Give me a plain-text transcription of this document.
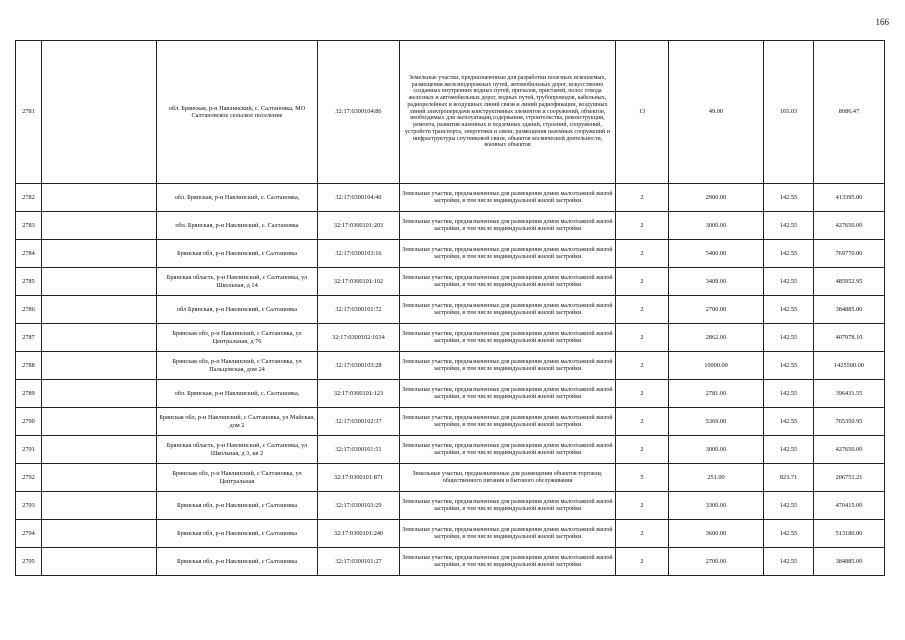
166
2781		обл. Брянская, р-н Навлинский, с. Салтановка, МО Салтановское сельское поселение	32:17:0300104:86	Земельные участки, предназначенные для разработки полезных ископаемых, размещения железнодорожных путей, автомобильных дорог, искусственно созданных внутренних водных путей, причалов, пристаней, полос отвода железных и автомобильных дорог, водных путей, трубопроводов, кабельных, радиорелейных и воздушных линий связи и линий радиофикации, воздушных линий электропередачи конструктивных элементов и сооружений, объектов, необходимых для эксплуатации,содержания, строительства, реконструкции, ремонта, развития наземных и подземных зданий, строений, сооружений, устройств транспорта, энергетики и связи; размещения наземных сооружений и инфраструктуры спутниковой связи, объектов космической деятельности, военных объектов	13	49.00	165.03	8086.47
2782		обл. Брянская, р-н Навлинский, с. Салтановка,	32:17:0300104:40	Земельные участки, предназначенные для размещения домов малоэтажной жилой застройки, в том числе индивидуальной жилой застройки	2	2900.00	142.55	413395.00
2783		обл. Брянская, р-н Навлинский, с. Салтановка	32:17:0300101:203	Земельные участки, предназначенные для размещения домов малоэтажной жилой застройки, в том числе индивидуальной жилой застройки	2	3000.00	142.55	427650.00
2784		Брянская обл, р-н Навлинский, с Салтановка	32:17:0300103:16	Земельные участки, предназначенные для размещения домов малоэтажной жилой застройки, в том числе индивидуальной жилой застройки	2	5400.00	142.55	769770.00
2785		Брянская область, р-н Навлинский, с Салтановка, ул Школьная, д 14	32:17:0300101:102	Земельные участки, предназначенные для размещения домов малоэтажной жилой застройки, в том числе индивидуальной жилой застройки	2	3409.00	142.55	485952.95
2786		обл Брянская, р-н Навлинский, с Салтановка	32:17:0300101:72	Земельные участки, предназначенные для размещения домов малоэтажной жилой застройки, в том числе индивидуальной жилой застройки	2	2700.00	142.55	384885.00
2787		Брянская обл, р-н Навлинский, с Салтановка, ул Центральная, д 76	32:17:0300102:1034	Земельные участки, предназначенные для размещения домов малоэтажной жилой застройки, в том числе индивидуальной жилой застройки	2	2862.00	142.55	407978.10
2788		Брянская обл, р-н Навлинский, с Салтановка, ул Пальцовская, дом 24	32:17:0300103:28	Земельные участки, предназначенные для размещения домов малоэтажной жилой застройки, в том числе индивидуальной жилой застройки	2	10000.00	142.55	1425500.00
2789		обл. Брянская, р-н Навлинский, с. Салтановка,	32:17:0300101:123	Земельные участки, предназначенные для размещения домов малоэтажной жилой застройки, в том числе индивидуальной жилой застройки	2	2781.00	142.55	396431.55
2790		Брянская обл, р-н Навлинский, с Салтановка, ул Майская, дом 2	32:17:0300102:37	Земельные участки, предназначенные для размещения домов малоэтажной жилой застройки, в том числе индивидуальной жилой застройки	2	5369.00	142.55	765350.95
2791		Брянская область, р-н Навлинский, с Салтановка, ул Школьная, д 3, кв 2	32:17:0300101:51	Земельные участки, предназначенные для размещения домов малоэтажной жилой застройки, в том числе индивидуальной жилой застройки	2	3000.00	142.55	427650.00
2792		Брянская обл, р-н Навлинский, с Салтановка, ул Центральная	32:17:0300101:871	Земельные участки, предназначенные для размещения объектов торговли, общественного питания и бытового обслуживания	5	251.00	823.71	206751.21
2793		Брянская обл, р-н Навлинский, с Салтановка	32:17:0300103:29	Земельные участки, предназначенные для размещения домов малоэтажной жилой застройки, в том числе индивидуальной жилой застройки	2	3300.00	142.55	470415.00
2794		Брянская обл, р-н Навлинский, с Салтановка	32:17:0300101:240	Земельные участки, предназначенные для размещения домов малоэтажной жилой застройки, в том числе индивидуальной жилой застройки	2	3600.00	142.55	513180.00
2795		Брянская обл, р-н Навлинский, с Салтановка	32:17:0300101:27	Земельные участки, предназначенные для размещения домов малоэтажной жилой застройки, в том числе индивидуальной жилой застройки	2	2700.00	142.55	384885.00
